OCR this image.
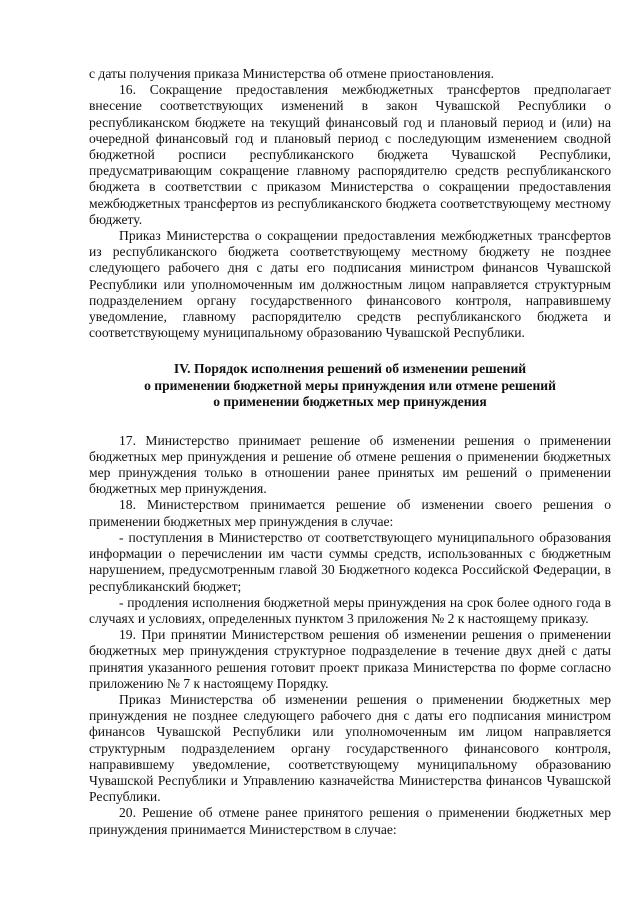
с даты получения приказа Министерства об отмене приостановления.

16. Сокращение предоставления межбюджетных трансфертов предполагает внесение соответствующих изменений в закон Чувашской Республики о республиканском бюджете на текущий финансовый год и плановый период и (или) на очередной финансовый год и плановый период с последующим изменением сводной бюджетной росписи республиканского бюджета Чувашской Республики, предусматривающим сокращение главному распорядителю средств республиканского бюджета в соответствии с приказом Министерства о сокращении предоставления межбюджетных трансфертов из республиканского бюджета соответствующему местному бюджету.

Приказ Министерства о сокращении предоставления межбюджетных трансфертов из республиканского бюджета соответствующему местному бюджету не позднее следующего рабочего дня с даты его подписания министром финансов Чувашской Республики или уполномоченным им должностным лицом направляется структурным подразделением органу государственного финансового контроля, направившему уведомление, главному распорядителю средств республиканского бюджета и соответствующему муниципальному образованию Чувашской Республики.

IV. Порядок исполнения решений об изменении решений
о применении бюджетной меры принуждения или отмене решений
о применении бюджетных мер принуждения

17. Министерство принимает решение об изменении решения о применении бюджетных мер принуждения и решение об отмене решения о применении бюджетных мер принуждения только в отношении ранее принятых им решений о применении бюджетных мер принуждения.

18. Министерством принимается решение об изменении своего решения о применении бюджетных мер принуждения в случае:

- поступления в Министерство от соответствующего муниципального образования информации о перечислении им части суммы средств, использованных с бюджетным нарушением, предусмотренным главой 30 Бюджетного кодекса Российской Федерации, в республиканский бюджет;

- продления исполнения бюджетной меры принуждения на срок более одного года в случаях и условиях, определенных пунктом 3 приложения № 2 к настоящему приказу.

19. При принятии Министерством решения об изменении решения о применении бюджетных мер принуждения структурное подразделение в течение двух дней с даты принятия указанного решения готовит проект приказа Министерства по форме согласно приложению № 7 к настоящему Порядку.

Приказ Министерства об изменении решения о применении бюджетных мер принуждения не позднее следующего рабочего дня с даты его подписания министром финансов Чувашской Республики или уполномоченным им лицом направляется структурным подразделением органу государственного финансового контроля, направившему уведомление, соответствующему муниципальному образованию Чувашской Республики и Управлению казначейства Министерства финансов Чувашской Республики.

20. Решение об отмене ранее принятого решения о применении бюджетных мер принуждения принимается Министерством в случае:
